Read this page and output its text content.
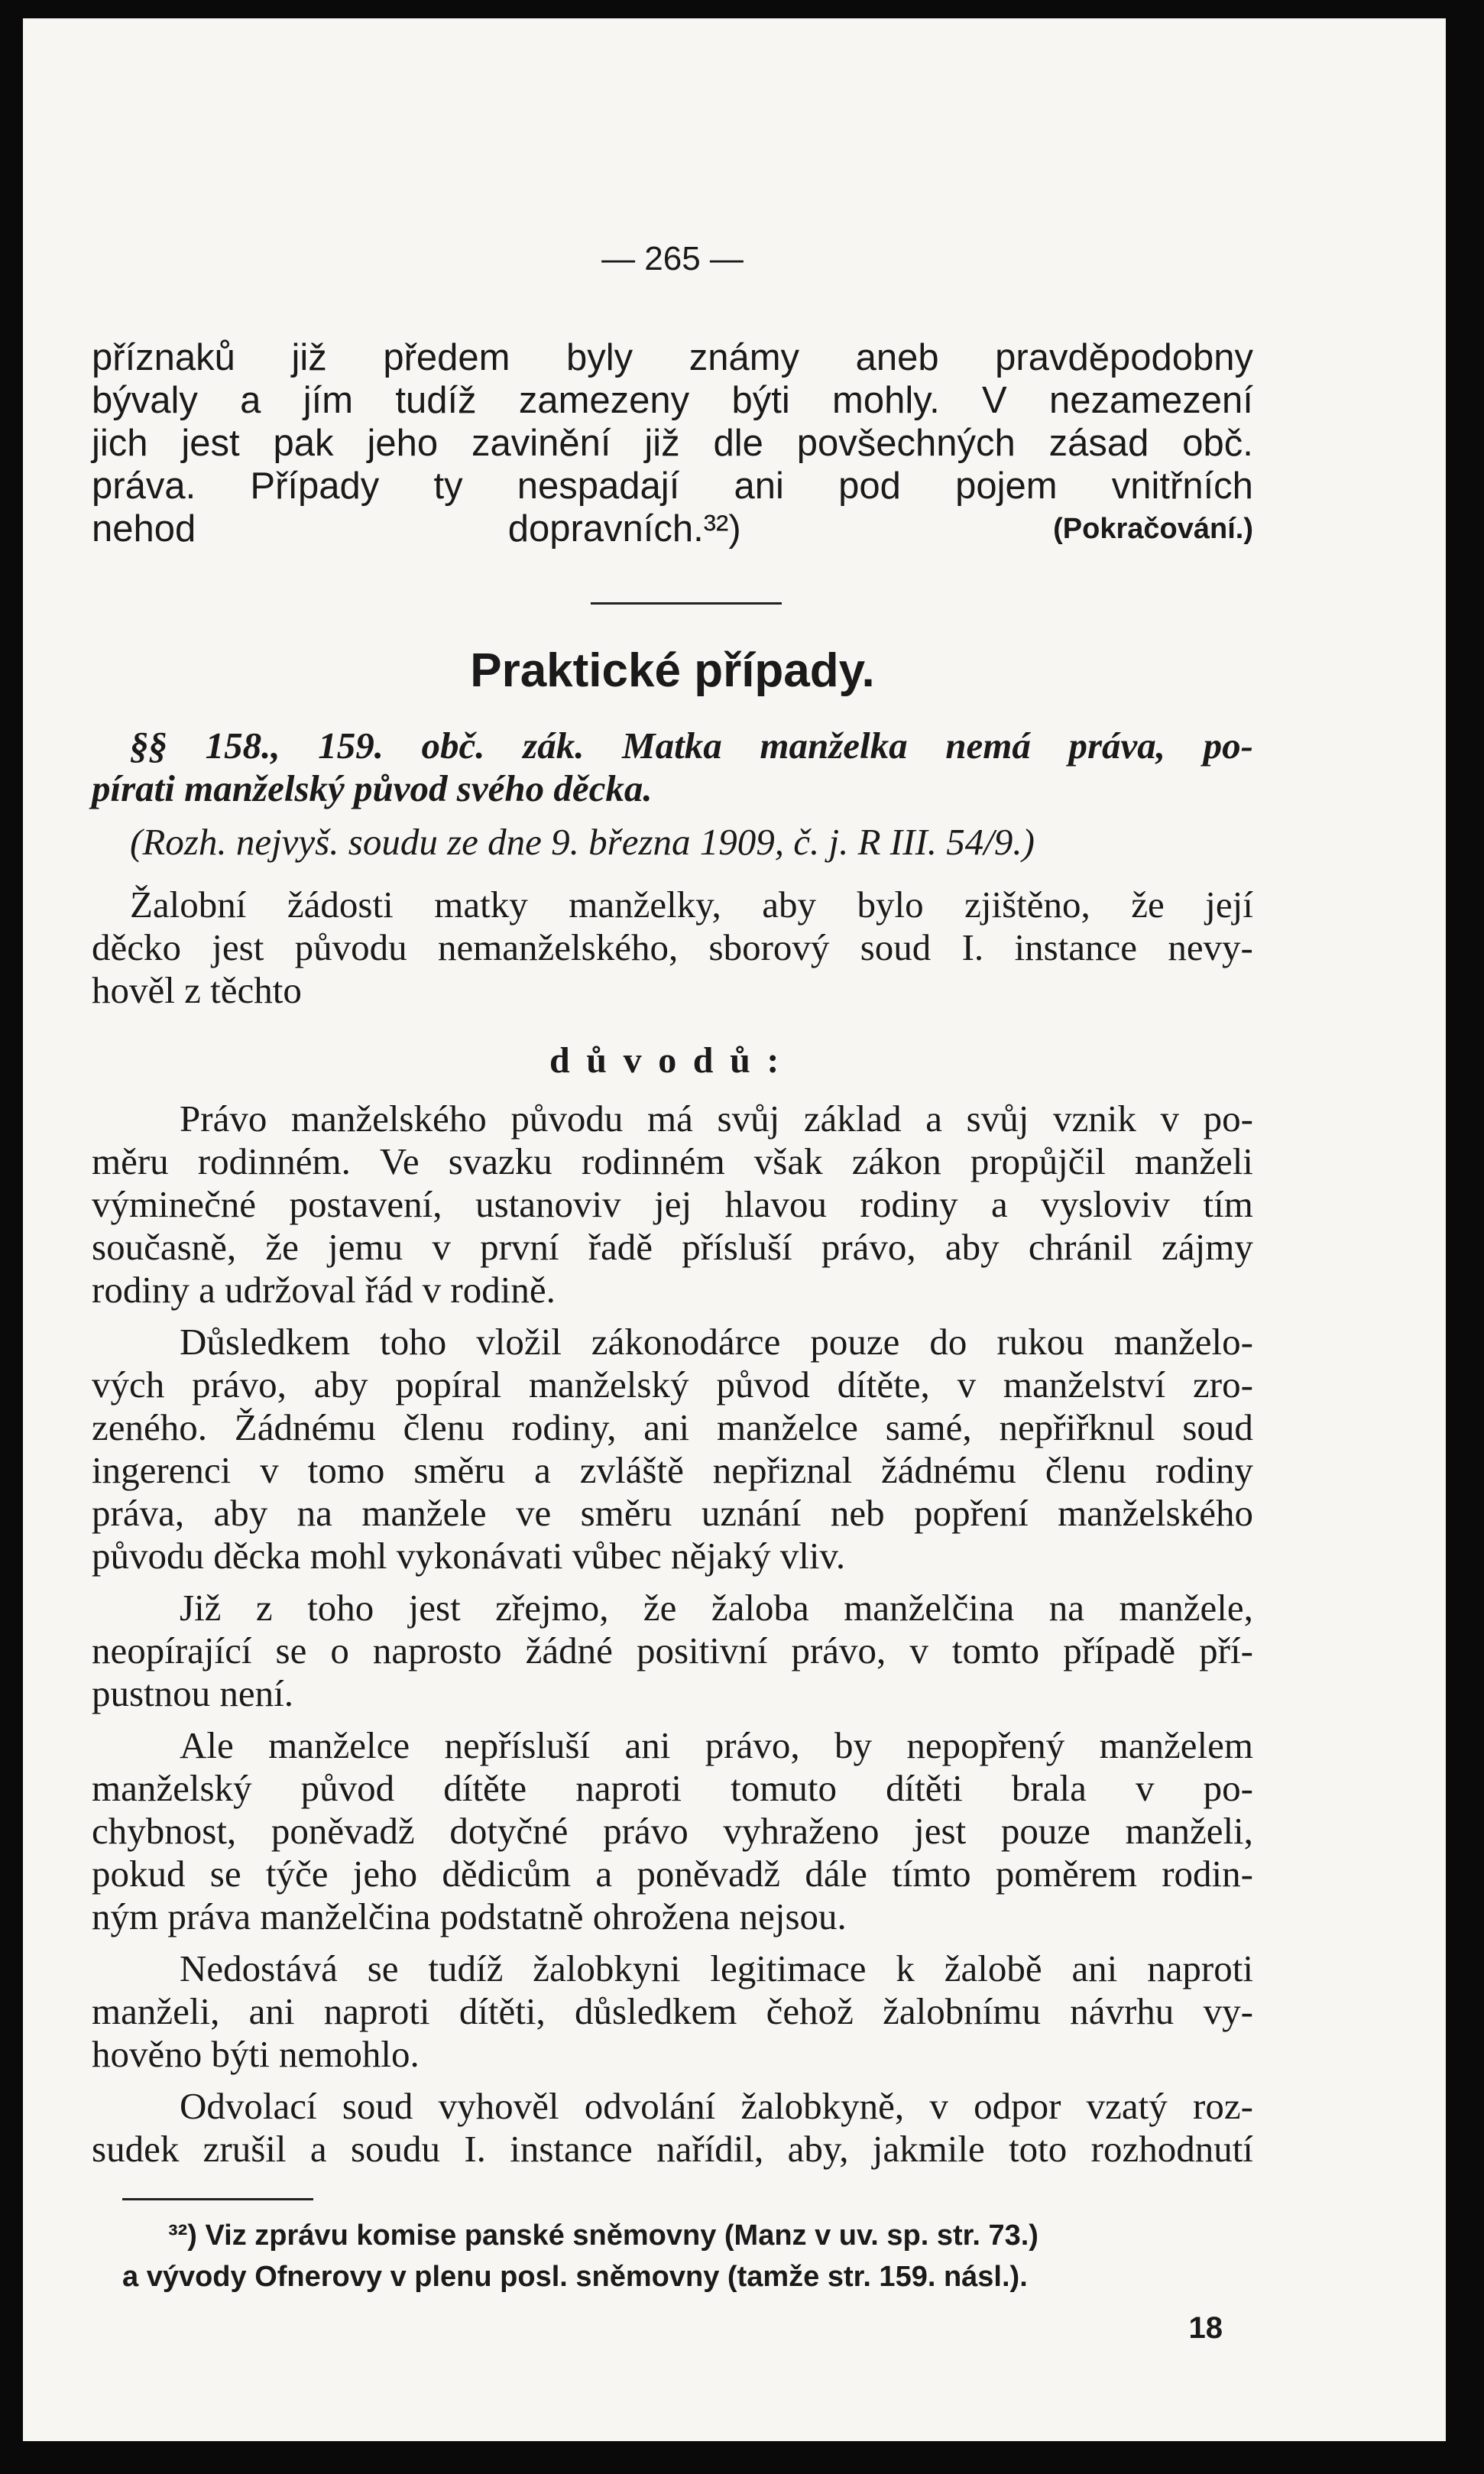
— 265 —
příznaků již předem byly známy aneb pravděpodobny
bývaly a jím tudíž zamezeny býti mohly. V nezamezení
jich jest pak jeho zavinění již dle povšechných zásad obč.
práva. Případy ty nespadají ani pod pojem vnitřních
nehod	dopravních.³²)	(Pokračování.)
Praktické případy.
§§ 158., 159. obč. zák. Matka manželka nemá práva, po-
pírati manželský původ svého děcka.
(Rozh. nejvyš. soudu ze dne 9. března 1909, č. j. R III. 54/9.)
Žalobní žádosti matky manželky, aby bylo zjištěno, že její
děcko jest původu nemanželského, sborový soud I. instance nevy-
hověl z těchto
důvodů:
Právo manželského původu má svůj základ a svůj vznik v po-
měru rodinném. Ve svazku rodinném však zákon propůjčil manželi
výminečné postavení, ustanoviv jej hlavou rodiny a vysloviv tím
současně, že jemu v první řadě přísluší právo, aby chránil zájmy
rodiny a udržoval řád v rodině.
Důsledkem toho vložil zákonodárce pouze do rukou manželo-
vých právo, aby popíral manželský původ dítěte, v manželství zro-
zeného. Žádnému členu rodiny, ani manželce samé, nepřiřknul soud
ingerenci v tomo směru a zvláště nepřiznal žádnému členu rodiny
práva, aby na manžele ve směru uznání neb popření manželského
původu děcka mohl vykonávati vůbec nějaký vliv.
Již z toho jest zřejmo, že žaloba manželčina na manžele,
neopírající se o naprosto žádné positivní právo, v tomto případě pří-
pustnou není.
Ale manželce nepřísluší ani právo, by nepopřený manželem
manželský původ dítěte naproti tomuto dítěti brala v po-
chybnost, poněvadž dotyčné právo vyhraženo jest pouze manželi,
pokud se týče jeho dědicům a poněvadž dále tímto poměrem rodin-
ným práva manželčina podstatně ohrožena nejsou.
Nedostává se tudíž žalobkyni legitimace k žalobě ani naproti
manželi, ani naproti dítěti, důsledkem čehož žalobnímu návrhu vy-
hověno býti nemohlo.
Odvolací soud vyhověl odvolání žalobkyně, v odpor vzatý roz-
sudek zrušil a soudu I. instance nařídil, aby, jakmile toto rozhodnutí
³²) Viz zprávu komise panské sněmovny (Manz v uv. sp. str. 73.)
a vývody Ofnerovy v plenu posl. sněmovny (tamže str. 159. násl.).
18
